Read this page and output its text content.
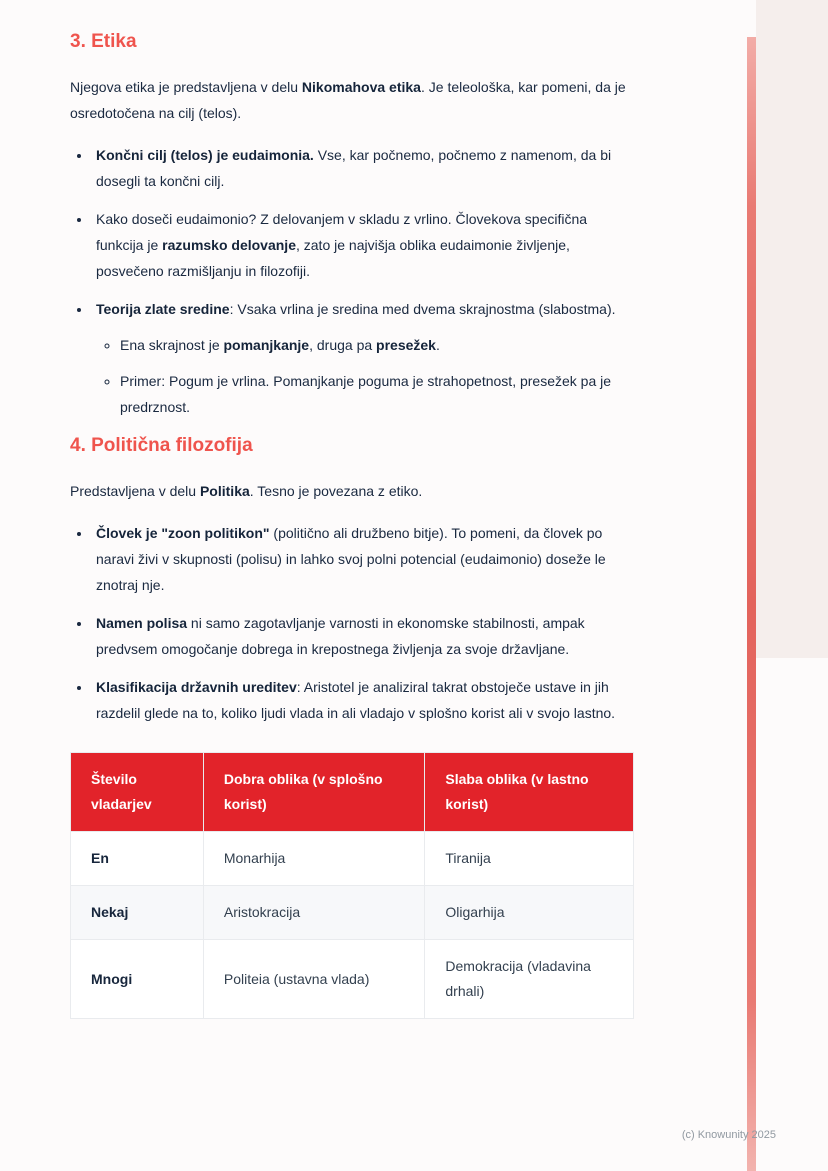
3. Etika

Njegova etika je predstavljena v delu Nikomahova etika. Je teleološka, kar pomeni, da je osredotočena na cilj (telos).

• Končni cilj (telos) je eudaimonia. Vse, kar počnemo, počnemo z namenom, da bi dosegli ta končni cilj.
• Kako doseči eudaimonio? Z delovanjem v skladu z vrlino. Človekova specifična funkcija je razumsko delovanje, zato je najvišja oblika eudaimonie življenje, posvečeno razmišljanju in filozofiji.
• Teorija zlate sredine: Vsaka vrlina je sredina med dvema skrajnostma (slabostma).
◦ Ena skrajnost je pomanjkanje, druga pa presežek.
◦ Primer: Pogum je vrlina. Pomanjkanje poguma je strahopetnost, presežek pa je predrznost.
4. Politična filozofija

Predstavljena v delu Politika. Tesno je povezana z etiko.

• Človek je "zoon politikon" (politično ali družbeno bitje). To pomeni, da človek po naravi živi v skupnosti (polisu) in lahko svoj polni potencial (eudaimonio) doseže le znotraj nje.
• Namen polisa ni samo zagotavljanje varnosti in ekonomske stabilnosti, ampak predvsem omogočanje dobrega in krepostnega življenja za svoje državljane.
• Klasifikacija državnih ureditev: Aristotel je analiziral takrat obstoječe ustave in jih razdelil glede na to, koliko ljudi vlada in ali vladajo v splošno korist ali v svojo lastno.
Število vladarjev	Dobra oblika (v splošno korist)	Slaba oblika (v lastno korist)
En	Monarhija	Tiranija
Nekaj	Aristokracija	Oligarhija
Mnogi	Politeia (ustavna vlada)	Demokracija (vladavina drhali)
(c) Knowunity 2025
